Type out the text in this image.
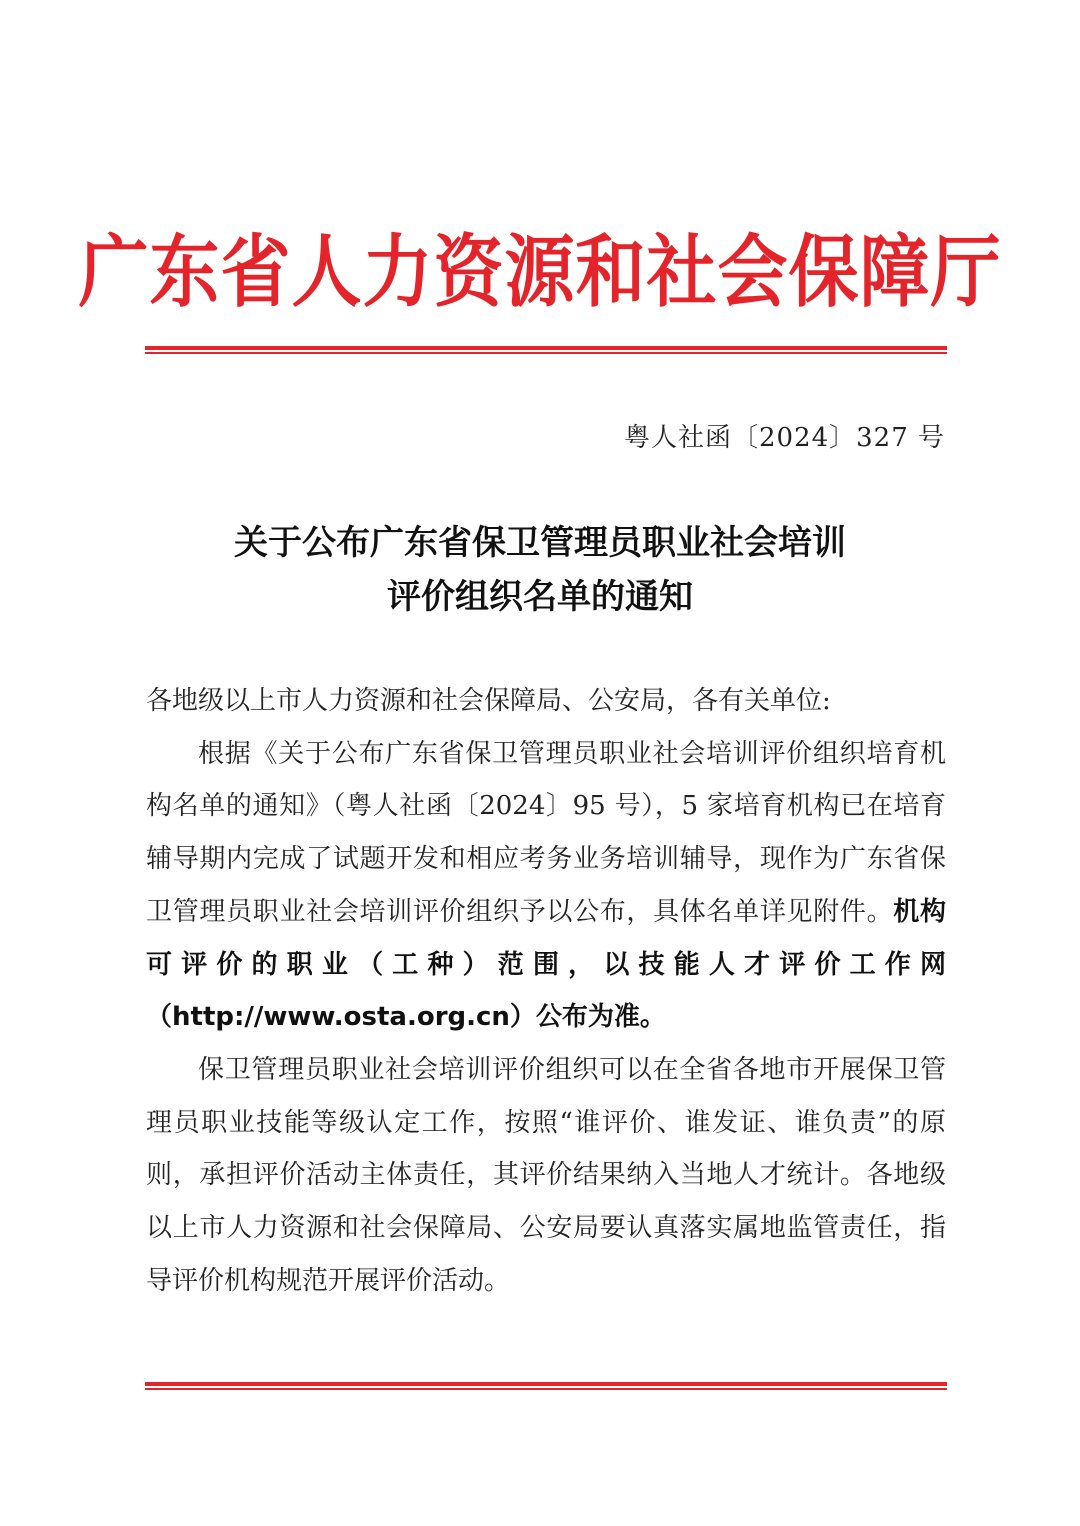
广东省人力资源和社会保障厅
粤人社函〔2024〕327 号
关于公布广东省保卫管理员职业社会培训
评价组织名单的通知

各地级以上市人力资源和社会保障局、公安局，各有关单位:

根据《关于公布广东省保卫管理员职业社会培训评价组织培育机构名单的通知》（粤人社函〔2024〕95 号），5 家培育机构已在培育辅导期内完成了试题开发和相应考务业务培训辅导，现作为广东省保卫管理员职业社会培训评价组织予以公布，具体名单详见附件。机构可评价的职业（工种）范围，以技能人才评价工作网（http://www.osta.org.cn）公布为准。

保卫管理员职业社会培训评价组织可以在全省各地市开展保卫管理员职业技能等级认定工作，按照“谁评价、谁发证、谁负责”的原则，承担评价活动主体责任，其评价结果纳入当地人才统计。各地级以上市人力资源和社会保障局、公安局要认真落实属地监管责任，指导评价机构规范开展评价活动。
